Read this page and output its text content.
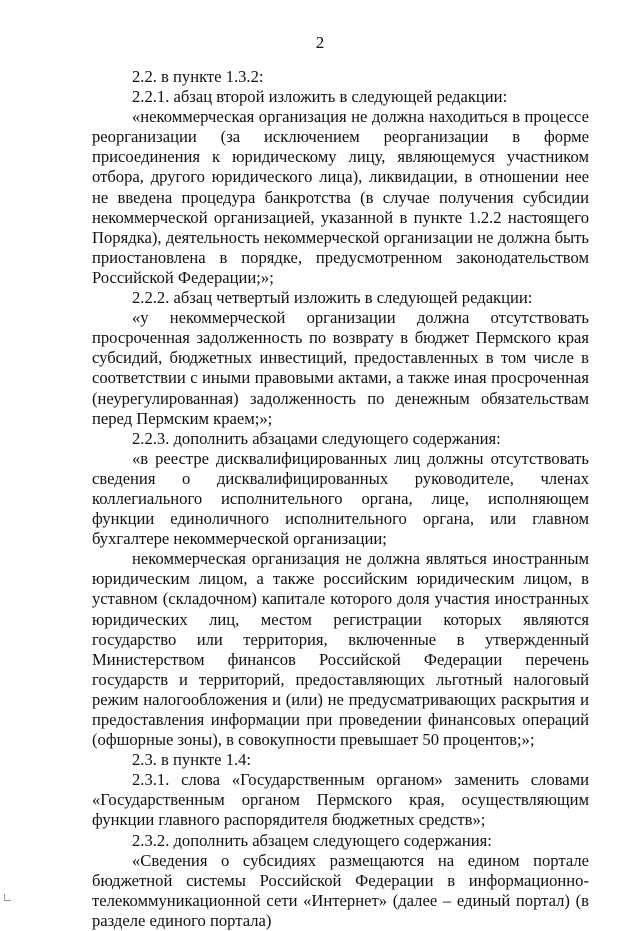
2

2.2. в пункте 1.3.2:

2.2.1. абзац второй изложить в следующей редакции:

«некоммерческая организация не должна находиться в процессе реорганизации (за исключением реорганизации в форме присоединения к юридическому лицу, являющемуся участником отбора, другого юридического лица), ликвидации, в отношении нее не введена процедура банкротства (в случае получения субсидии некоммерческой организацией, указанной в пункте 1.2.2 настоящего Порядка), деятельность некоммерческой организации не должна быть приостановлена в порядке, предусмотренном законодательством Российской Федерации;»;

2.2.2. абзац четвертый изложить в следующей редакции:

«у некоммерческой организации должна отсутствовать просроченная задолженность по возврату в бюджет Пермского края субсидий, бюджетных инвестиций, предоставленных в том числе в соответствии с иными правовыми актами, а также иная просроченная (неурегулированная) задолженность по денежным обязательствам перед Пермским краем;»;

2.2.3. дополнить абзацами следующего содержания:

«в реестре дисквалифицированных лиц должны отсутствовать сведения о дисквалифицированных руководителе, членах коллегиального исполнительного органа, лице, исполняющем функции единоличного исполнительного органа, или главном бухгалтере некоммерческой организации;

некоммерческая организация не должна являться иностранным юридическим лицом, а также российским юридическим лицом, в уставном (складочном) капитале которого доля участия иностранных юридических лиц, местом регистрации которых являются государство или территория, включенные в утвержденный Министерством финансов Российской Федерации перечень государств и территорий, предоставляющих льготный налоговый режим налогообложения и (или) не предусматривающих раскрытия и предоставления информации при проведении финансовых операций (офшорные зоны), в совокупности превышает 50 процентов;»;

2.3. в пункте 1.4:

2.3.1. слова «Государственным органом» заменить словами «Государственным органом Пермского края, осуществляющим функции главного распорядителя бюджетных средств»;

2.3.2. дополнить абзацем следующего содержания:

«Сведения о субсидиях размещаются на едином портале бюджетной системы Российской Федерации в информационно-телекоммуникационной сети «Интернет» (далее – единый портал) (в разделе единого портала)
